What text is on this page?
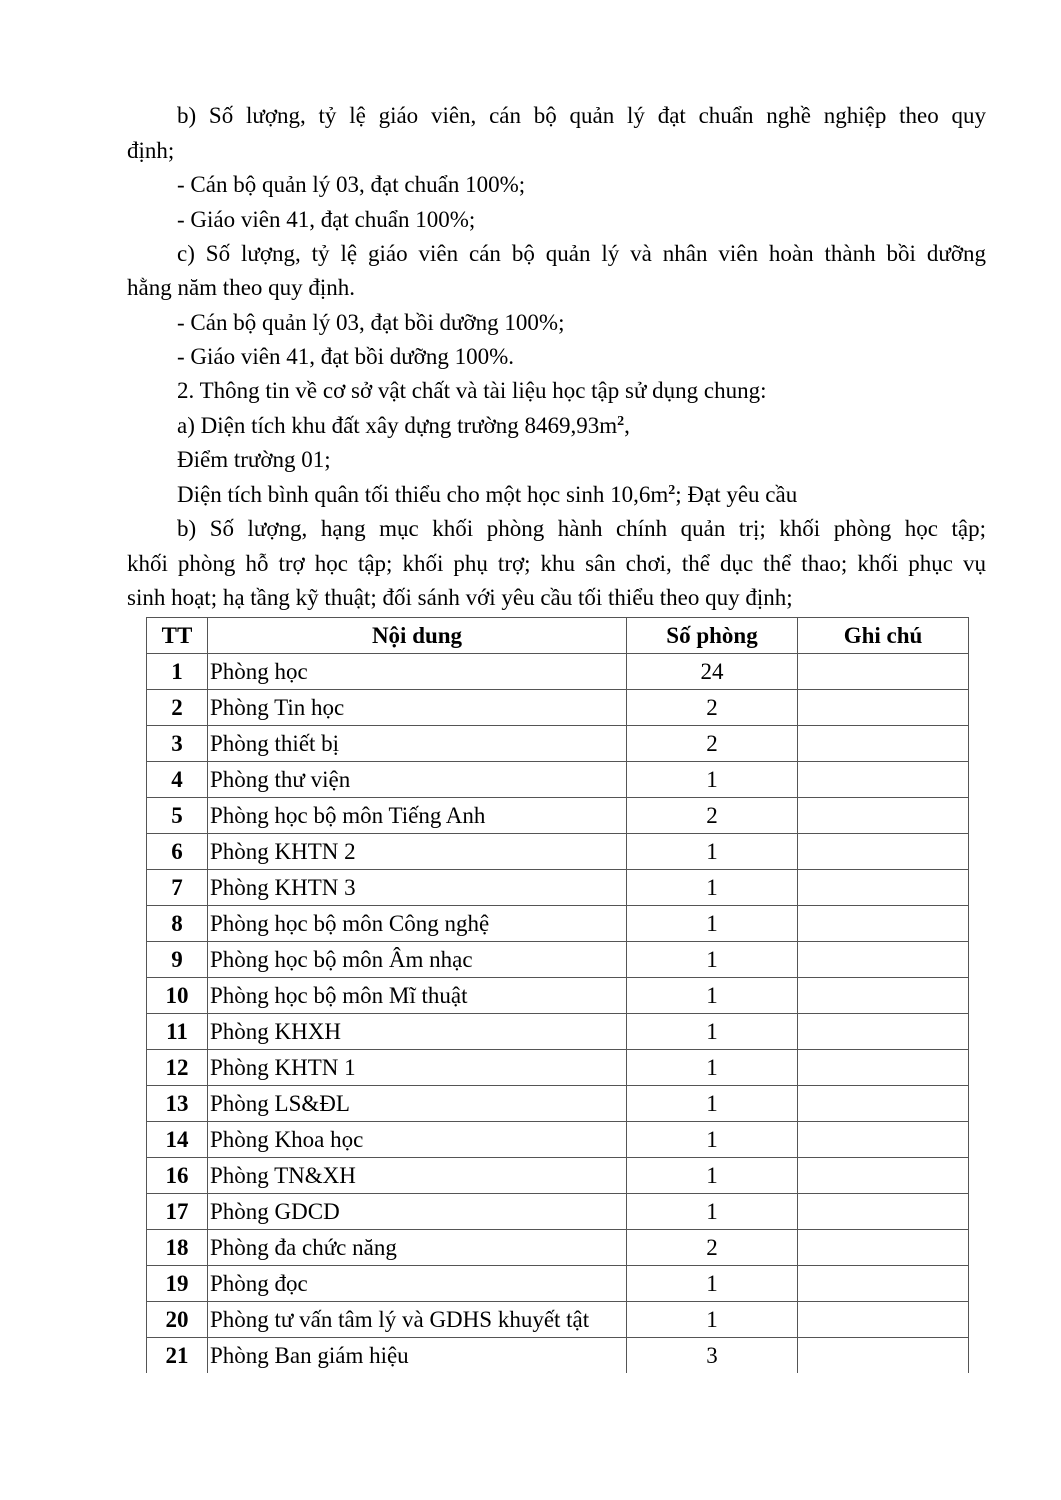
b) Số lượng, tỷ lệ giáo viên, cán bộ quản lý đạt chuẩn nghề nghiệp theo quy
định;
- Cán bộ quản lý 03, đạt chuẩn 100%;
- Giáo viên 41, đạt chuẩn 100%;
c) Số lượng, tỷ lệ giáo viên cán bộ quản lý và nhân viên hoàn thành bồi dưỡng
hằng năm theo quy định.
- Cán bộ quản lý 03, đạt bồi dưỡng 100%;
- Giáo viên 41, đạt bồi dưỡng 100%.
2. Thông tin về cơ sở vật chất và tài liệu học tập sử dụng chung:
a) Diện tích khu đất xây dựng trường $8469,93m^2$,
Điểm trường 01;
Diện tích bình quân tối thiểu cho một học $\sinh 10,6m^2$; Đạt yêu cầu
b) Số lượng, hạng mục khối phòng hành chính quản trị; khối phòng học tập;
khối phòng hỗ trợ học tập; khối phụ trợ; khu sân chơi, thể dục thể thao; khối phục vụ
sinh hoạt; hạ tầng kỹ thuật; đối sánh với yêu cầu tối thiểu theo quy định;
TT	Nội dung	Số phòng	Ghi chú
1	Phòng học	24	
2	Phòng Tin học	2	
3	Phòng thiết bị	2	
4	Phòng thư viện	1	
5	Phòng học bộ môn Tiếng Anh	2	
6	Phòng KHTN 2	1	
7	Phòng KHTN 3	1	
8	Phòng học bộ môn Công nghệ	1	
9	Phòng học bộ môn Âm nhạc	1	
10	Phòng học bộ môn Mĩ thuật	1	
11	Phòng KHXH	1	
12	Phòng KHTN 1	1	
13	Phòng LS&ĐL	1	
14	Phòng Khoa học	1	
16	Phòng TN&XH	1	
17	Phòng GDCD	1	
18	Phòng đa chức năng	2	
19	Phòng đọc	1	
20	Phòng tư vấn tâm lý và GDHS khuyết tật	1	
21	Phòng Ban giám hiệu	3	
